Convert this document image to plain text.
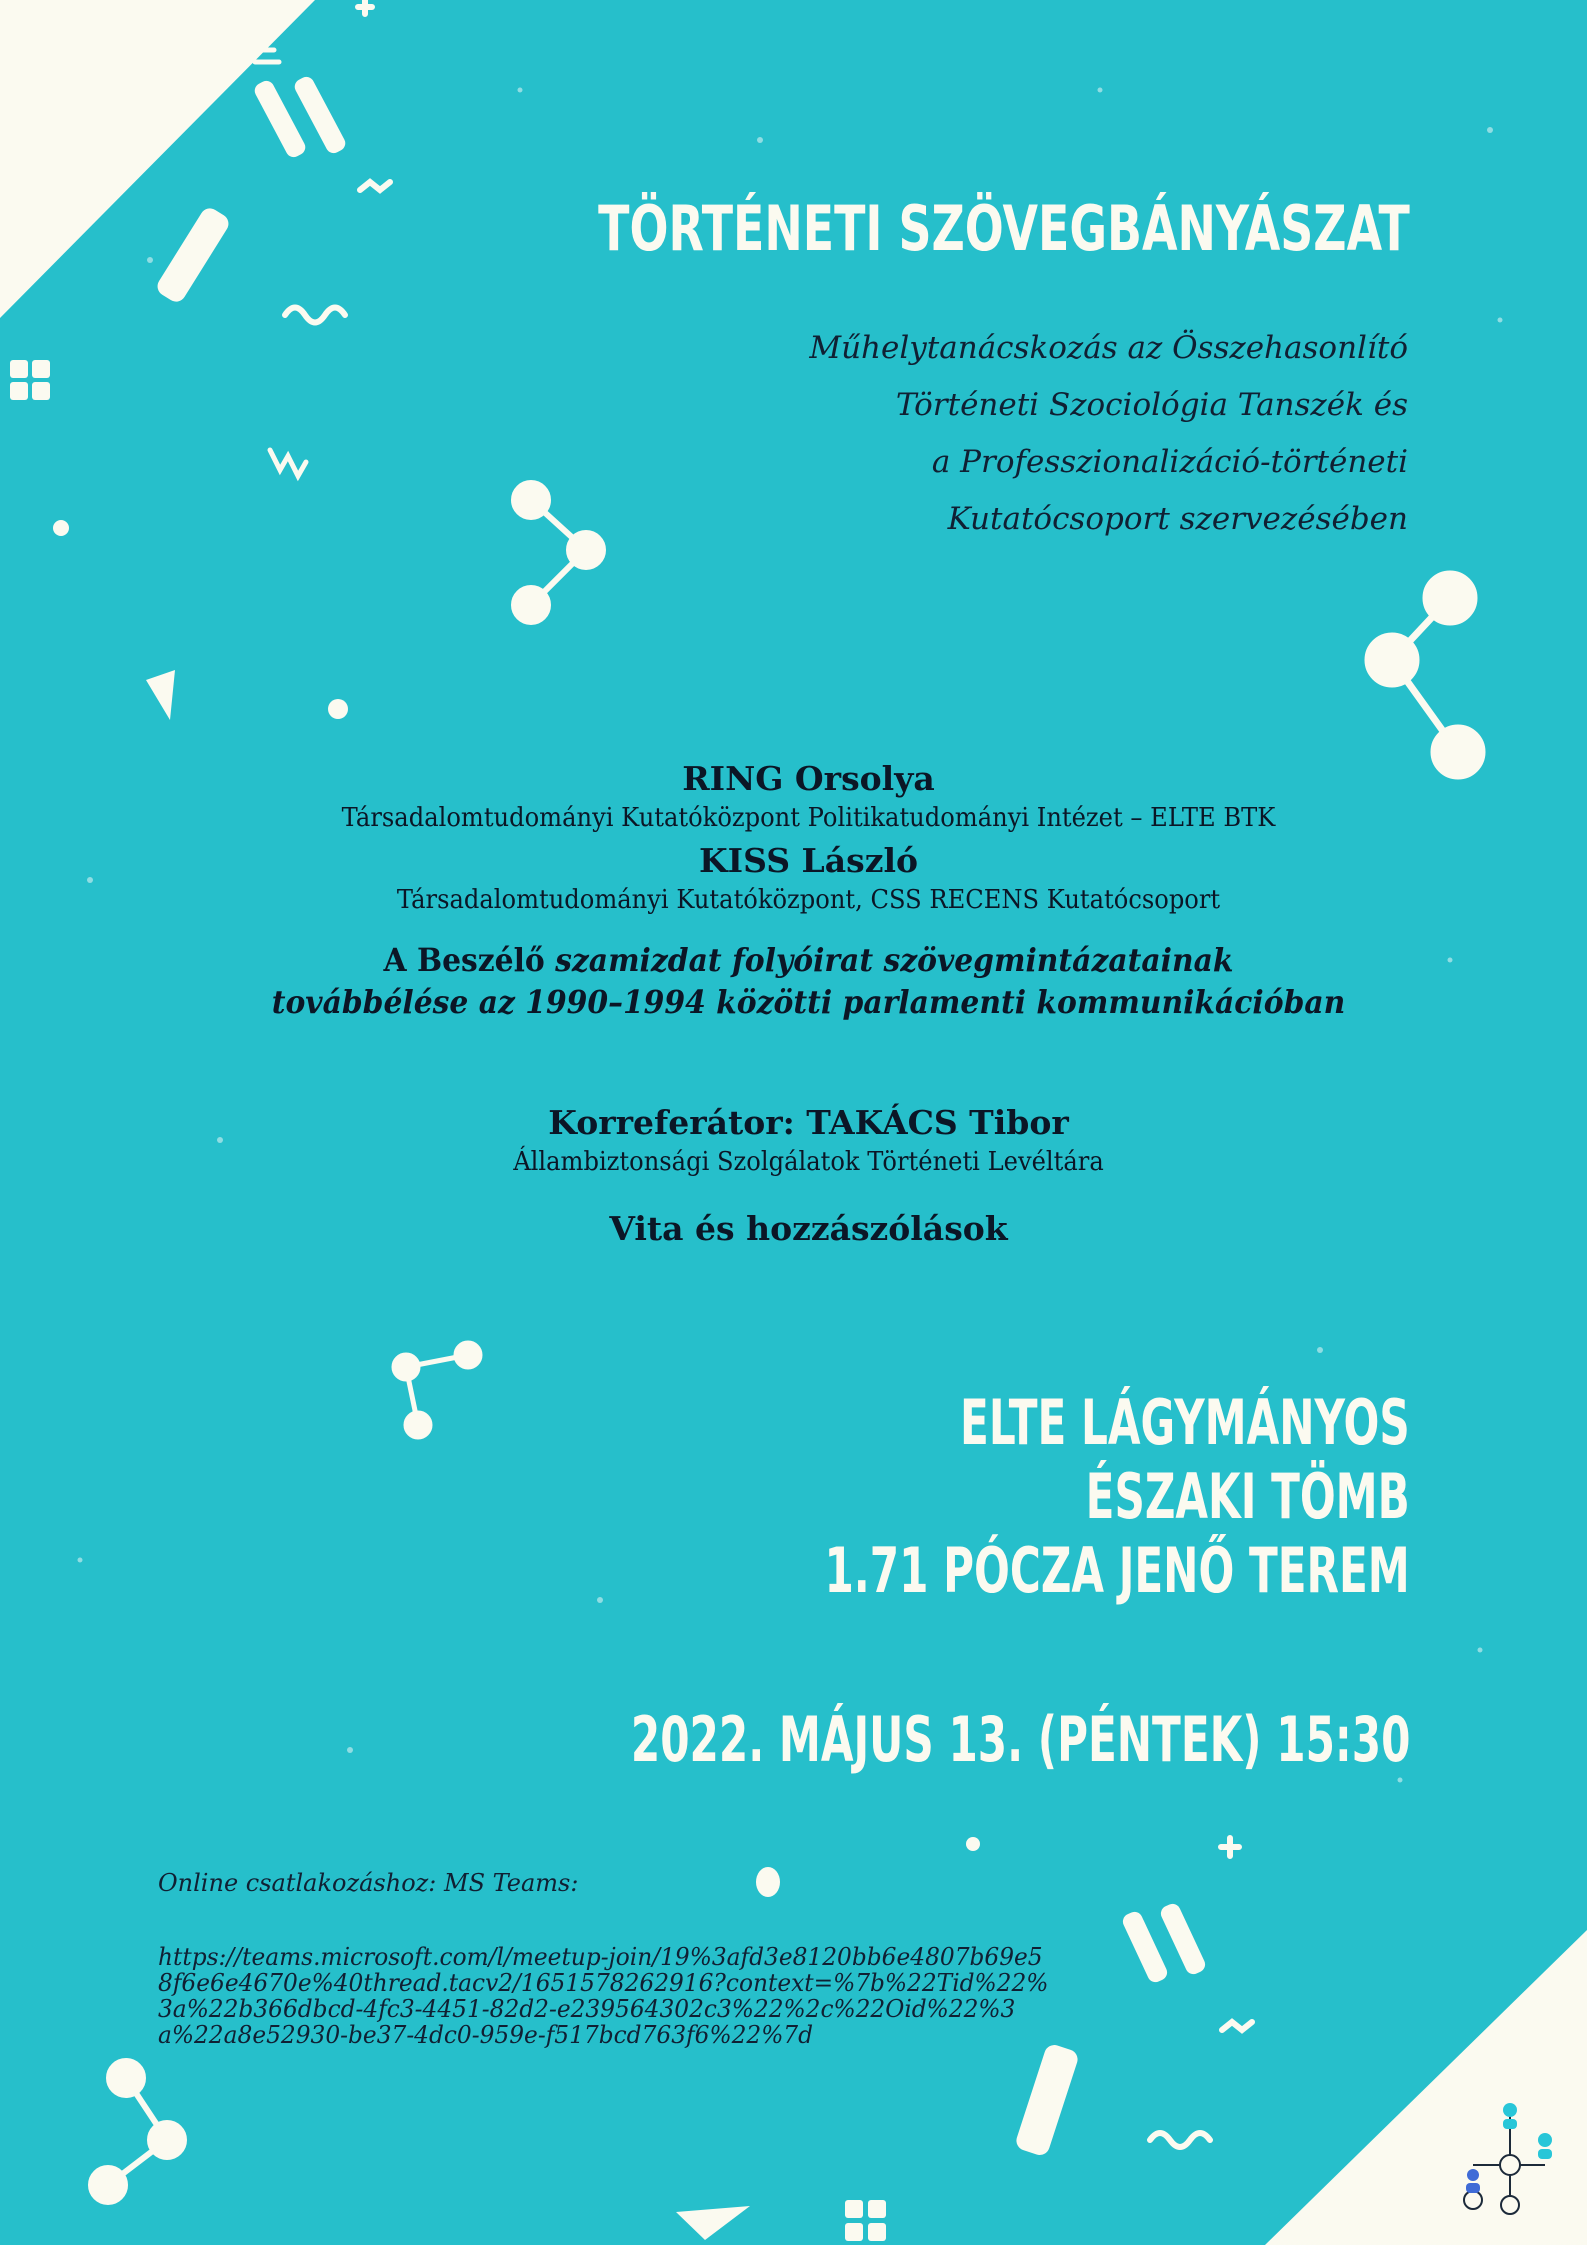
TÖRTÉNETI SZÖVEGBÁNYÁSZAT
Műhelytanácskozás az Összehasonlító
Történeti Szociológia Tanszék és
a Professzionalizáció-történeti
Kutatócsoport szervezésében
RING Orsolya
Társadalomtudományi Kutatóközpont Politikatudományi Intézet – ELTE BTK
KISS László
Társadalomtudományi Kutatóközpont, CSS RECENS Kutatócsoport
A Beszélő szamizdat folyóirat szövegmintázatainak
továbbélése az 1990–1994 közötti parlamenti kommunikációban
Korreferátor: TAKÁCS Tibor
Állambiztonsági Szolgálatok Történeti Levéltára
Vita és hozzászólások
ELTE LÁGYMÁNYOS
ÉSZAKI TÖMB
1.71 PÓCZA JENŐ TEREM
2022. MÁJUS 13. (PÉNTEK) 15:30
Online csatlakozáshoz: MS Teams:
https://teams.microsoft.com/l/meetup-join/19%3afd3e8120bb6e4807b69e58f6e6e4670e%40thread.tacv2/1651578262916?context=%7b%22Tid%22%3a%22b366dbcd-4fc3-4451-82d2-e239564302c3%22%2c%22Oid%22%3a%22a8e52930-be37-4dc0-959e-f517bcd763f6%22%7d
